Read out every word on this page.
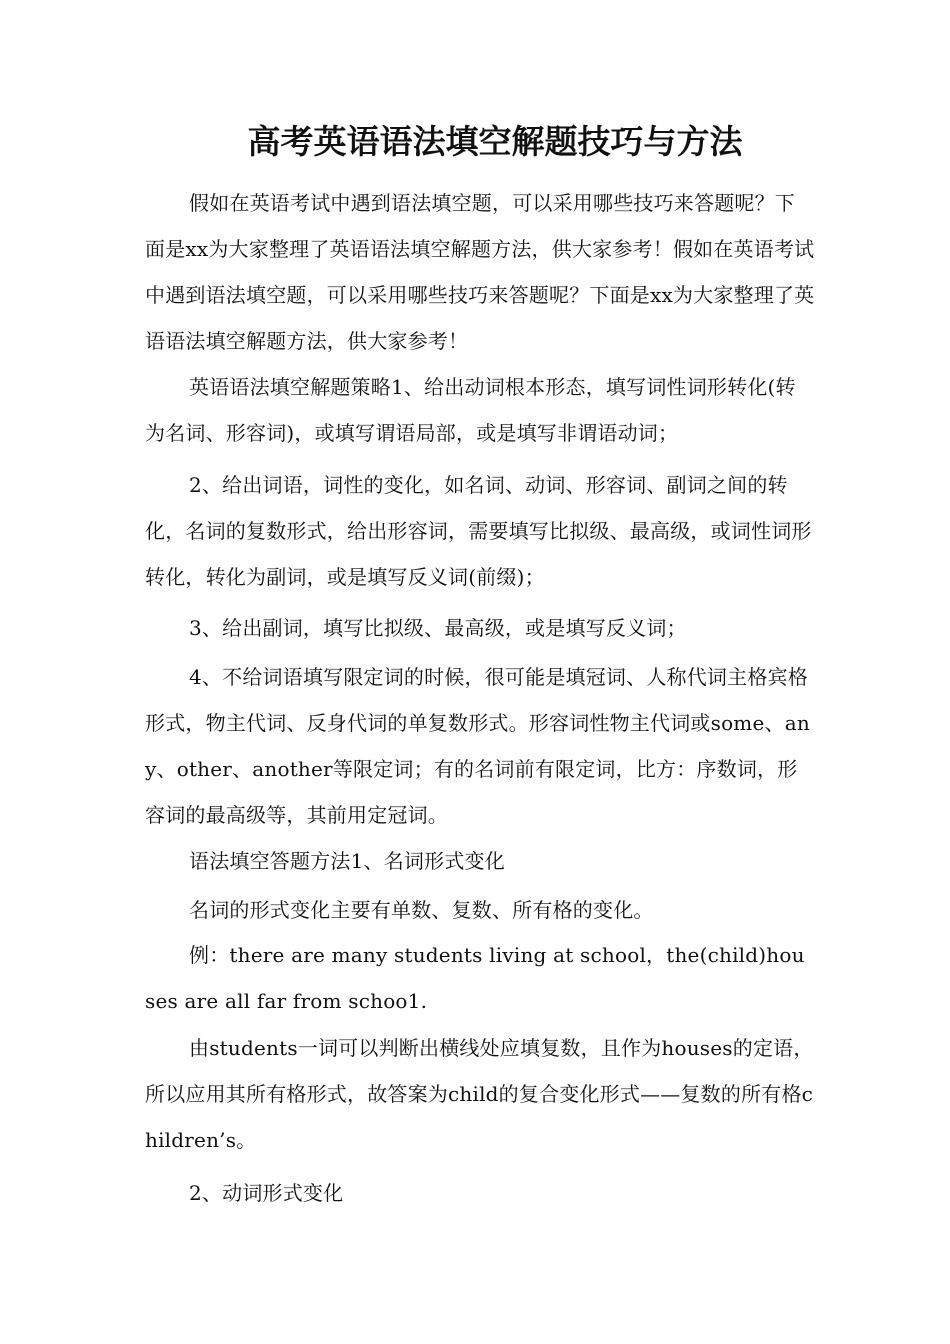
高考英语语法填空解题技巧与方法

假如在英语考试中遇到语法填空题，可以采用哪些技巧来答题呢？下面是xx为大家整理了英语语法填空解题方法，供大家参考！假如在英语考试中遇到语法填空题，可以采用哪些技巧来答题呢？下面是xx为大家整理了英语语法填空解题方法，供大家参考！

英语语法填空解题策略1、给出动词根本形态，填写词性词形转化(转为名词、形容词)，或填写谓语局部，或是填写非谓语动词；

2、给出词语，词性的变化，如名词、动词、形容词、副词之间的转化，名词的复数形式，给出形容词，需要填写比拟级、最高级，或词性词形转化，转化为副词，或是填写反义词(前缀)；

3、给出副词，填写比拟级、最高级，或是填写反义词；

4、不给词语填写限定词的时候，很可能是填冠词、人称代词主格宾格形式，物主代词、反身代词的单复数形式。形容词性物主代词或some、any、other、another等限定词；有的名词前有限定词，比方：序数词，形容词的最高级等，其前用定冠词。

语法填空答题方法1、名词形式变化

名词的形式变化主要有单数、复数、所有格的变化。

例：there are many students living at school，the(child)houses are all far from schoo1.

由students一词可以判断出横线处应填复数，且作为houses的定语，所以应用其所有格形式，故答案为child的复合变化形式——复数的所有格children’s。

2、动词形式变化
